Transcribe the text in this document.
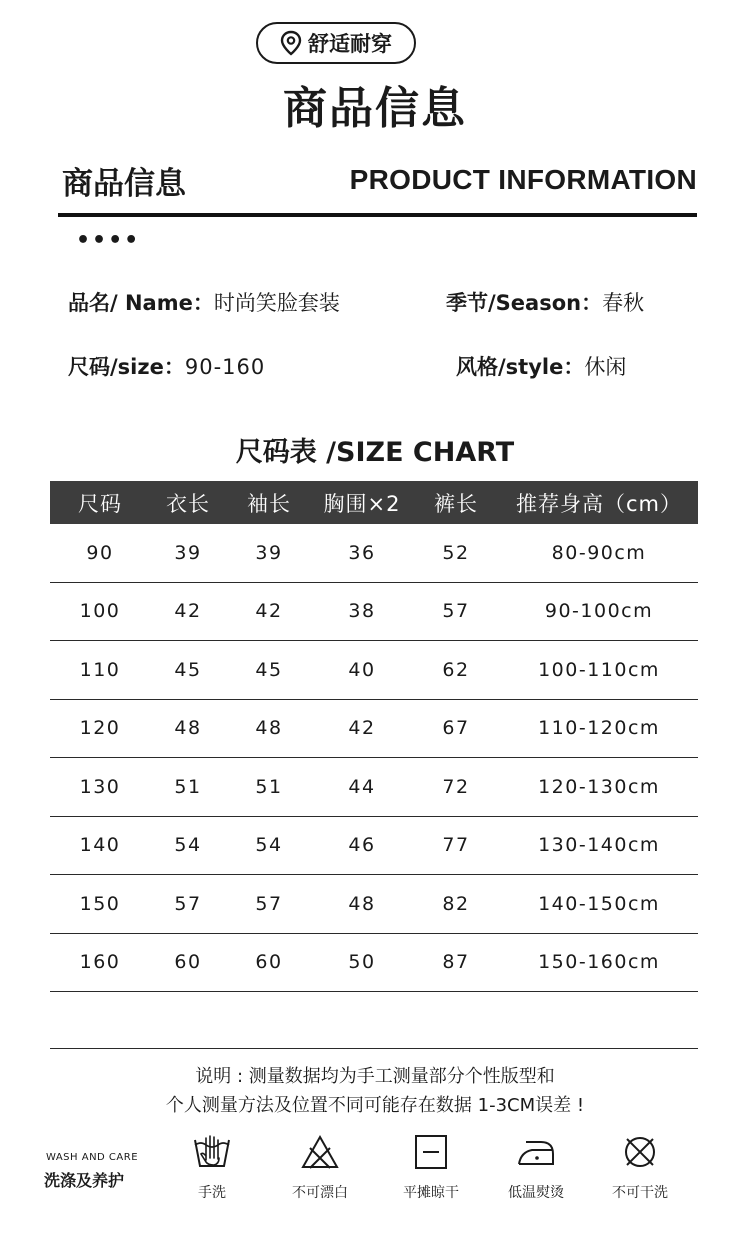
舒适耐穿
商品信息
商品信息	PRODUCT INFORMATION
••••
品名/ Name：时尚笑脸套装	季节/Season：春秋
尺码/size：90-160	风格/style：休闲
尺码表 /SIZE CHART
尺码	衣长	袖长	胸围×2	裤长	推荐身高（cm）
90	39	39	36	52	80-90cm
100	42	42	38	57	90-100cm
110	45	45	40	62	100-110cm
120	48	48	42	67	110-120cm
130	51	51	44	72	120-130cm
140	54	54	46	77	130-140cm
150	57	57	48	82	140-150cm
160	60	60	50	87	150-160cm
说明 : 测量数据均为手工测量部分个性版型和
个人测量方法及位置不同可能存在数据 1-3CM误差 !
WASH AND CARE
洗涤及养护
手洗	不可漂白	平摊晾干	低温熨烫	不可干洗
